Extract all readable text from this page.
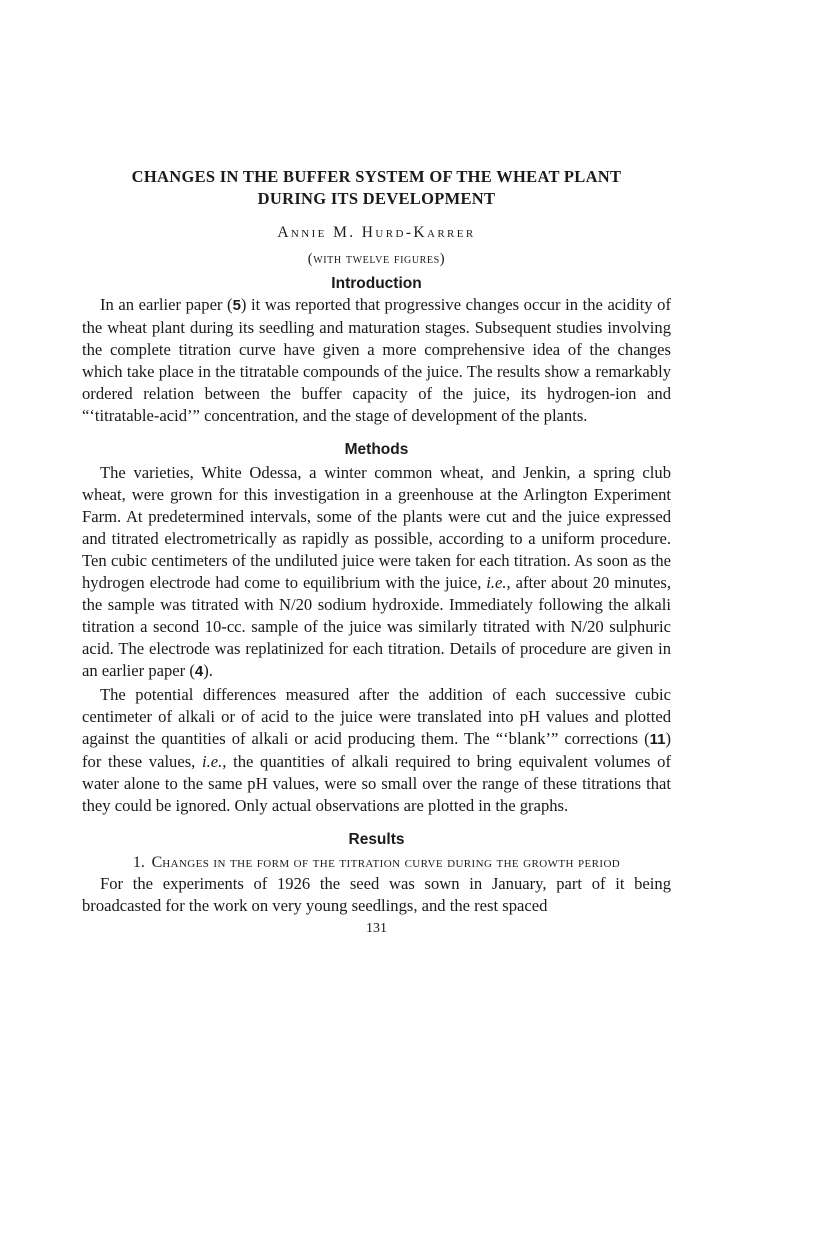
CHANGES IN THE BUFFER SYSTEM OF THE WHEAT PLANT
DURING ITS DEVELOPMENT
Annie M. Hurd-Karrer
(with twelve figures)
Introduction

In an earlier paper (5) it was reported that progressive changes occur in the acidity of the wheat plant during its seedling and maturation stages. Subsequent studies involving the complete titration curve have given a more comprehensive idea of the changes which take place in the titratable compounds of the juice. The results show a remarkably ordered relation between the buffer capacity of the juice, its hydrogen-ion and “‘titratable-acid’” concentration, and the stage of development of the plants.

Methods

The varieties, White Odessa, a winter common wheat, and Jenkin, a spring club wheat, were grown for this investigation in a greenhouse at the Arlington Experiment Farm. At predetermined intervals, some of the plants were cut and the juice expressed and titrated electrometrically as rapidly as possible, according to a uniform procedure. Ten cubic centimeters of the undiluted juice were taken for each titration. As soon as the hydrogen electrode had come to equilibrium with the juice, i.e., after about 20 minutes, the sample was titrated with N/20 sodium hydroxide. Immediately following the alkali titration a second 10-cc. sample of the juice was similarly titrated with N/20 sulphuric acid. The electrode was replatinized for each titration. Details of procedure are given in an earlier paper (4).

The potential differences measured after the addition of each successive cubic centimeter of alkali or of acid to the juice were translated into pH values and plotted against the quantities of alkali or acid producing them. The “‘blank’” corrections (11) for these values, i.e., the quantities of alkali required to bring equivalent volumes of water alone to the same pH values, were so small over the range of these titrations that they could be ignored. Only actual observations are plotted in the graphs.

Results
1. Changes in the form of the titration curve during the growth period

For the experiments of 1926 the seed was sown in January, part of it being broadcasted for the work on very young seedlings, and the rest spaced

131
